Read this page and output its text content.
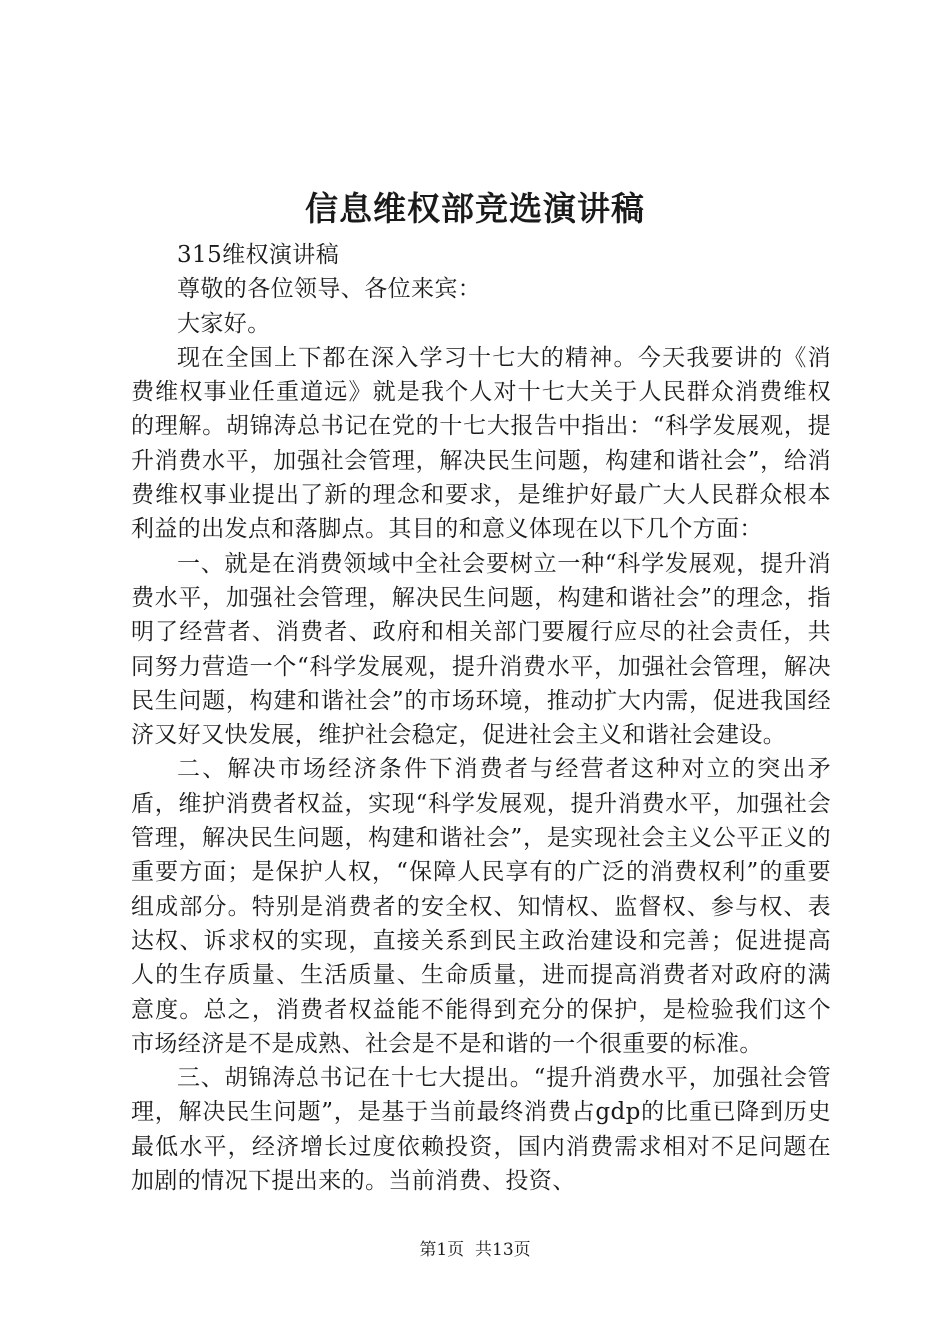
信息维权部竞选演讲稿

315维权演讲稿

尊敬的各位领导、各位来宾：

大家好。

现在全国上下都在深入学习十七大的精神。今天我要讲的《消费维权事业任重道远》就是我个人对十七大关于人民群众消费维权的理解。胡锦涛总书记在党的十七大报告中指出：“科学发展观，提升消费水平，加强社会管理，解决民生问题，构建和谐社会”，给消费维权事业提出了新的理念和要求，是维护好最广大人民群众根本利益的出发点和落脚点。其目的和意义体现在以下几个方面：

一、就是在消费领域中全社会要树立一种“科学发展观，提升消费水平，加强社会管理，解决民生问题，构建和谐社会”的理念，指明了经营者、消费者、政府和相关部门要履行应尽的社会责任，共同努力营造一个“科学发展观，提升消费水平，加强社会管理，解决民生问题，构建和谐社会”的市场环境，推动扩大内需，促进我国经济又好又快发展，维护社会稳定，促进社会主义和谐社会建设。

二、解决市场经济条件下消费者与经营者这种对立的突出矛盾，维护消费者权益，实现“科学发展观，提升消费水平，加强社会管理，解决民生问题，构建和谐社会”，是实现社会主义公平正义的重要方面；是保护人权，“保障人民享有的广泛的消费权利”的重要组成部分。特别是消费者的安全权、知情权、监督权、参与权、表达权、诉求权的实现，直接关系到民主政治建设和完善；促进提高人的生存质量、生活质量、生命质量，进而提高消费者对政府的满意度。总之，消费者权益能不能得到充分的保护，是检验我们这个市场经济是不是成熟、社会是不是和谐的一个很重要的标准。

三、胡锦涛总书记在十七大提出。“提升消费水平，加强社会管理，解决民生问题”，是基于当前最终消费占gdp的比重已降到历史最低水平，经济增长过度依赖投资，国内消费需求相对不足问题在加剧的情况下提出来的。当前消费、投资、

第1页 共13页
